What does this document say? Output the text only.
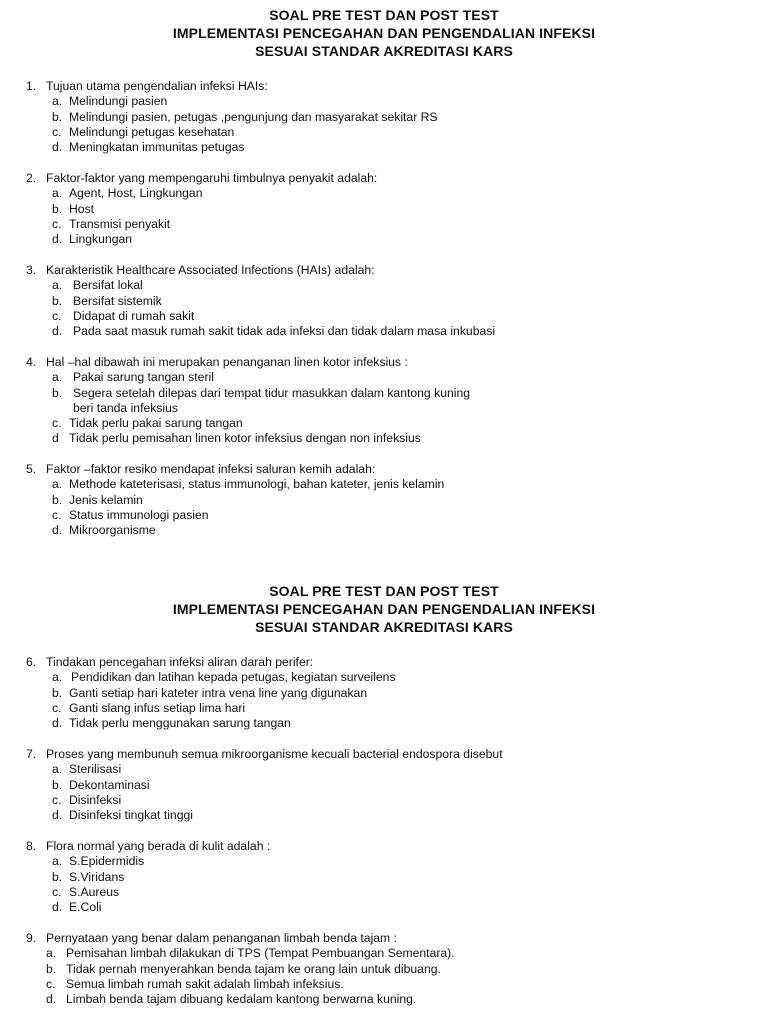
SOAL PRE TEST DAN POST TEST
IMPLEMENTASI PENCEGAHAN DAN PENGENDALIAN INFEKSI
SESUAI STANDAR AKREDITASI KARS
1. Tujuan utama pengendalian infeksi HAIs:
a. Melindungi pasien
b. Melindungi pasien, petugas ,pengunjung dan masyarakat sekitar RS
c. Melindungi petugas kesehatan
d. Meningkatan immunitas petugas
2. Faktor-faktor yang mempengaruhi timbulnya penyakit adalah:
a. Agent, Host, Lingkungan
b. Host
c. Transmisi penyakit
d. Lingkungan
3. Karakteristik Healthcare Associated Infections (HAIs) adalah:
a. Bersifat lokal
b. Bersifat sistemik
c. Didapat di rumah sakit
d. Pada saat masuk rumah sakit tidak ada infeksi dan tidak dalam masa inkubasi
4. Hal –hal dibawah ini merupakan penanganan linen kotor infeksius :
a. Pakai sarung tangan steril
b. Segera setelah dilepas dari tempat tidur masukkan dalam kantong kuning
beri tanda infeksius
c. Tidak perlu pakai sarung tangan
d Tidak perlu pemisahan linen kotor infeksius dengan non infeksius
5. Faktor –faktor resiko mendapat infeksi saluran kemih adalah:
a. Methode kateterisasi, status immunologi, bahan kateter, jenis kelamin
b. Jenis kelamin
c. Status immunologi pasien
d. Mikroorganisme
SOAL PRE TEST DAN POST TEST
IMPLEMENTASI PENCEGAHAN DAN PENGENDALIAN INFEKSI
SESUAI STANDAR AKREDITASI KARS
6. Tindakan pencegahan infeksi aliran darah perifer:
a. Pendidikan dan latihan kepada petugas, kegiatan surveilens
b. Ganti setiap hari kateter intra vena line yang digunakan
c. Ganti slang infus setiap lima hari
d. Tidak perlu menggunakan sarung tangan
7. Proses yang membunuh semua mikroorganisme kecuali bacterial endospora disebut
a. Sterilisasi
b. Dekontaminasi
c. Disinfeksi
d. Disinfeksi tingkat tinggi
8. Flora normal yang berada di kulit adalah :
a. S.Epidermidis
b. S.Viridans
c. S.Aureus
d. E.Coli
9. Pernyataan yang benar dalam penanganan limbah benda tajam :
a. Pemisahan limbah dilakukan di TPS (Tempat Pembuangan Sementara).
b. Tidak pernah menyerahkan benda tajam ke orang lain untuk dibuang.
c. Semua limbah rumah sakit adalah limbah infeksius.
d. Limbah benda tajam dibuang kedalam kantong berwarna kuning.
